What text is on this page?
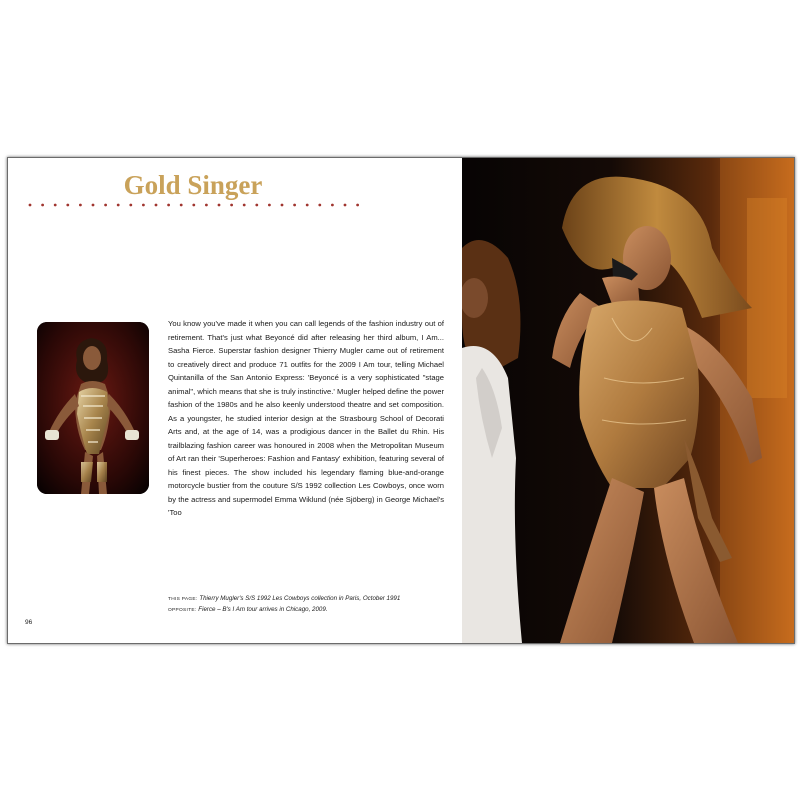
Gold Singer

You know you've made it when you can call legends of the fashion industry out of retirement. That's just what Beyoncé did after releasing her third album, I Am... Sasha Fierce. Superstar fashion designer Thierry Mugler came out of retirement to creatively direct and produce 71 outfits for the 2009 I Am tour, telling Michael Quintanilla of the San Antonio Express: 'Beyoncé is a very sophisticated "stage animal", which means that she is truly instinctive.' Mugler helped define the power fashion of the 1980s and he also keenly understood theatre and set composition. As a youngster, he studied interior design at the Strasbourg School of Decorati Arts and, at the age of 14, was a prodigious dancer in the Ballet du Rhin. His trailblazing fashion career was honoured in 2008 when the Metropolitan Museum of Art ran their 'Superheroes: Fashion and Fantasy' exhibition, featuring several of his finest pieces. The show included his legendary flaming blue-and-orange motorcycle bustier from the couture S/S 1992 collection Les Cowboys, once worn by the actress and supermodel Emma Wiklund (née Sjöberg) in George Michael's 'Too

THIS PAGE: Thierry Mugler's S/S 1992 Les Cowboys collection in Paris, October 1991
OPPOSITE: Fierce – B's I Am tour arrives in Chicago, 2009.
96
